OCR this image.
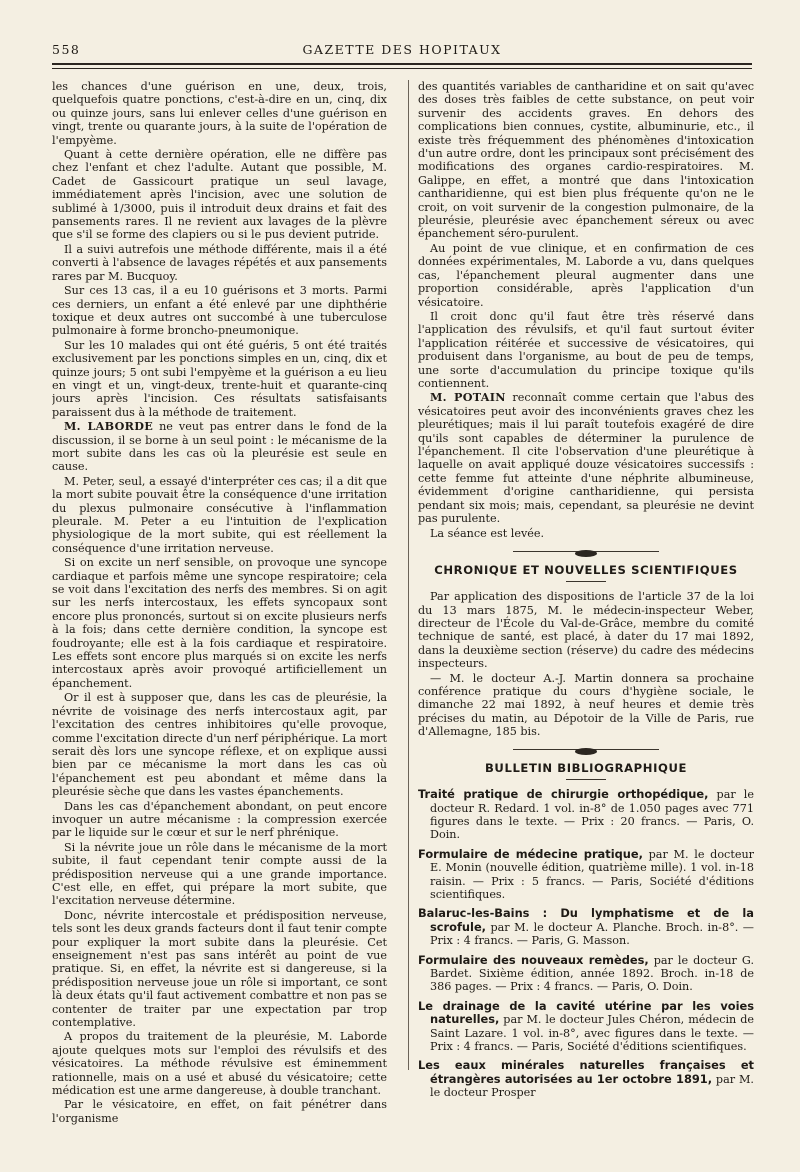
558	GAZETTE DES HOPITAUX

les chances d'une guérison en une, deux, trois, quelquefois quatre ponctions, c'est-à-dire en un, cinq, dix ou quinze jours, sans lui enlever celles d'une guérison en vingt, trente ou quarante jours, à la suite de l'opération de l'empyème.

Quant à cette dernière opération, elle ne diffère pas chez l'enfant et chez l'adulte. Autant que possible, M. Cadet de Gassicourt pratique un seul lavage, immédiatement après l'incision, avec une solution de sublimé à 1/3000, puis il introduit deux drains et fait des pansements rares. Il ne revient aux lavages de la plèvre que s'il se forme des clapiers ou si le pus devient putride.

Il a suivi autrefois une méthode différente, mais il a été converti à l'absence de lavages répétés et aux pansements rares par M. Bucquoy.

Sur ces 13 cas, il a eu 10 guérisons et 3 morts. Parmi ces derniers, un enfant a été enlevé par une diphthérie toxique et deux autres ont succombé à une tuberculose pulmonaire à forme broncho-pneumonique.

Sur les 10 malades qui ont été guéris, 5 ont été traités exclusivement par les ponctions simples en un, cinq, dix et quinze jours; 5 ont subi l'empyème et la guérison a eu lieu en vingt et un, vingt-deux, trente-huit et quarante-cinq jours après l'incision. Ces résultats satisfaisants paraissent dus à la méthode de traitement.

M. LABORDE ne veut pas entrer dans le fond de la discussion, il se borne à un seul point : le mécanisme de la mort subite dans les cas où la pleurésie est seule en cause.

M. Peter, seul, a essayé d'interpréter ces cas; il a dit que la mort subite pouvait être la conséquence d'une irritation du plexus pulmonaire consécutive à l'inflammation pleurale. M. Peter a eu l'intuition de l'explication physiologique de la mort subite, qui est réellement la conséquence d'une irritation nerveuse.

Si on excite un nerf sensible, on provoque une syncope cardiaque et parfois même une syncope respiratoire; cela se voit dans l'excitation des nerfs des membres. Si on agit sur les nerfs intercostaux, les effets syncopaux sont encore plus prononcés, surtout si on excite plusieurs nerfs à la fois; dans cette dernière condition, la syncope est foudroyante; elle est à la fois cardiaque et respiratoire. Les effets sont encore plus marqués si on excite les nerfs intercostaux après avoir provoqué artificiellement un épanchement.

Or il est à supposer que, dans les cas de pleurésie, la névrite de voisinage des nerfs intercostaux agit, par l'excitation des centres inhibitoires qu'elle provoque, comme l'excitation directe d'un nerf périphérique. La mort serait dès lors une syncope réflexe, et on explique aussi bien par ce mécanisme la mort dans les cas où l'épanchement est peu abondant et même dans la pleurésie sèche que dans les vastes épanchements.

Dans les cas d'épanchement abondant, on peut encore invoquer un autre mécanisme : la compression exercée par le liquide sur le cœur et sur le nerf phrénique.

Si la névrite joue un rôle dans le mécanisme de la mort subite, il faut cependant tenir compte aussi de la prédisposition nerveuse qui a une grande importance. C'est elle, en effet, qui prépare la mort subite, que l'excitation nerveuse détermine.

Donc, névrite intercostale et prédisposition nerveuse, tels sont les deux grands facteurs dont il faut tenir compte pour expliquer la mort subite dans la pleurésie. Cet enseignement n'est pas sans intérêt au point de vue pratique. Si, en effet, la névrite est si dangereuse, si la prédisposition nerveuse joue un rôle si important, ce sont là deux états qu'il faut activement combattre et non pas se contenter de traiter par une expectation par trop contemplative.

A propos du traitement de la pleurésie, M. Laborde ajoute quelques mots sur l'emploi des révulsifs et des vésicatoires. La méthode révulsive est éminemment rationnelle, mais on a usé et abusé du vésicatoire; cette médication est une arme dangereuse, à double tranchant.

Par le vésicatoire, en effet, on fait pénétrer dans l'organisme

des quantités variables de cantharidine et on sait qu'avec des doses très faibles de cette substance, on peut voir survenir des accidents graves. En dehors des complications bien connues, cystite, albuminurie, etc., il existe très fréquemment des phénomènes d'intoxication d'un autre ordre, dont les principaux sont précisément des modifications des organes cardio-respiratoires. M. Galippe, en effet, a montré que dans l'intoxication cantharidienne, qui est bien plus fréquente qu'on ne le croit, on voit survenir de la congestion pulmonaire, de la pleurésie, pleurésie avec épanchement séreux ou avec épanchement séro-purulent.

Au point de vue clinique, et en confirmation de ces données expérimentales, M. Laborde a vu, dans quelques cas, l'épanchement pleural augmenter dans une proportion considérable, après l'application d'un vésicatoire.

Il croit donc qu'il faut être très réservé dans l'application des révulsifs, et qu'il faut surtout éviter l'application réitérée et successive de vésicatoires, qui produisent dans l'organisme, au bout de peu de temps, une sorte d'accumulation du principe toxique qu'ils contiennent.

M. POTAIN reconnaît comme certain que l'abus des vésicatoires peut avoir des inconvénients graves chez les pleurétiques; mais il lui paraît toutefois exagéré de dire qu'ils sont capables de déterminer la purulence de l'épanchement. Il cite l'observation d'une pleurétique à laquelle on avait appliqué douze vésicatoires successifs : cette femme fut atteinte d'une néphrite albumineuse, évidemment d'origine cantharidienne, qui persista pendant six mois; mais, cependant, sa pleurésie ne devint pas purulente.

La séance est levée.

CHRONIQUE ET NOUVELLES SCIENTIFIQUES

Par application des dispositions de l'article 37 de la loi du 13 mars 1875, M. le médecin-inspecteur Weber, directeur de l'École du Val-de-Grâce, membre du comité technique de santé, est placé, à dater du 17 mai 1892, dans la deuxième section (réserve) du cadre des médecins inspecteurs.

— M. le docteur A.-J. Martin donnera sa prochaine conférence pratique du cours d'hygiène sociale, le dimanche 22 mai 1892, à neuf heures et demie très précises du matin, au Dépotoir de la Ville de Paris, rue d'Allemagne, 185 bis.

BULLETIN BIBLIOGRAPHIQUE

Traité pratique de chirurgie orthopédique, par le docteur R. Redard. 1 vol. in-8° de 1.050 pages avec 771 figures dans le texte. — Prix : 20 francs. — Paris, O. Doin.

Formulaire de médecine pratique, par M. le docteur E. Monin (nouvelle édition, quatrième mille). 1 vol. in-18 raisin. — Prix : 5 francs. — Paris, Société d'éditions scientifiques.

Balaruc-les-Bains : Du lymphatisme et de la scrofule, par M. le docteur A. Planche. Broch. in-8°. — Prix : 4 francs. — Paris, G. Masson.

Formulaire des nouveaux remèdes, par le docteur G. Bardet. Sixième édition, année 1892. Broch. in-18 de 386 pages. — Prix : 4 francs. — Paris, O. Doin.

Le drainage de la cavité utérine par les voies naturelles, par M. le docteur Jules Chéron, médecin de Saint Lazare. 1 vol. in-8°, avec figures dans le texte. — Prix : 4 francs. — Paris, Société d'éditions scientifiques.

Les eaux minérales naturelles françaises et étrangères autorisées au 1er octobre 1891, par M. le docteur Prosper
